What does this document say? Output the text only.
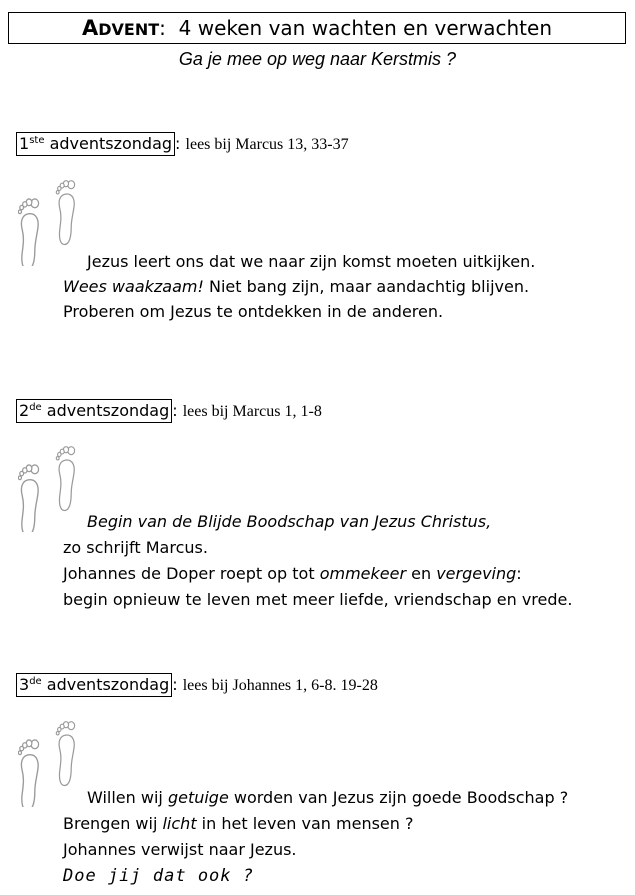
ADVENT: 4 weken van wachten en verwachten
Ga je mee op weg naar Kerstmis ?
1ste adventszondag : lees bij Marcus 13, 33-37
Jezus leert ons dat we naar zijn komst moeten uitkijken.
Wees waakzaam! Niet bang zijn, maar aandachtig blijven.
Proberen om Jezus te ontdekken in de anderen.
2de adventszondag : lees bij Marcus 1, 1-8
Begin van de Blijde Boodschap van Jezus Christus,
zo schrijft Marcus.
Johannes de Doper roept op tot ommekeer en vergeving:
begin opnieuw te leven met meer liefde, vriendschap en vrede.
3de adventszondag : lees bij Johannes 1, 6-8. 19-28
Willen wij getuige worden van Jezus zijn goede Boodschap ?
Brengen wij licht in het leven van mensen ?
Johannes verwijst naar Jezus.
Doe jij dat ook ?
